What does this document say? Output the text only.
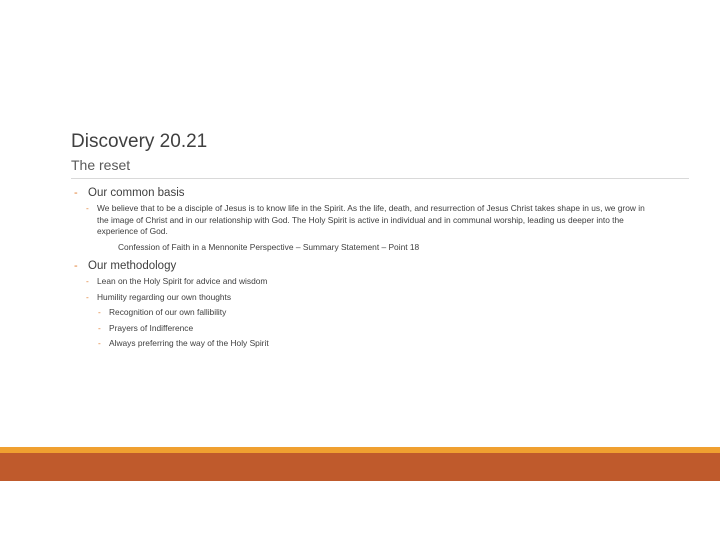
Discovery 20.21
The reset
- Our common basis
- We believe that to be a disciple of Jesus is to know life in the Spirit. As the life, death, and resurrection of Jesus Christ takes shape in us, we grow in the image of Christ and in our relationship with God. The Holy Spirit is active in individual and in communal worship, leading us deeper into the experience of God.
Confession of Faith in a Mennonite Perspective – Summary Statement – Point 18
- Our methodology
- Lean on the Holy Spirit for advice and wisdom
- Humility regarding our own thoughts
- Recognition of our own fallibility
- Prayers of Indifference
- Always preferring the way of the Holy Spirit
